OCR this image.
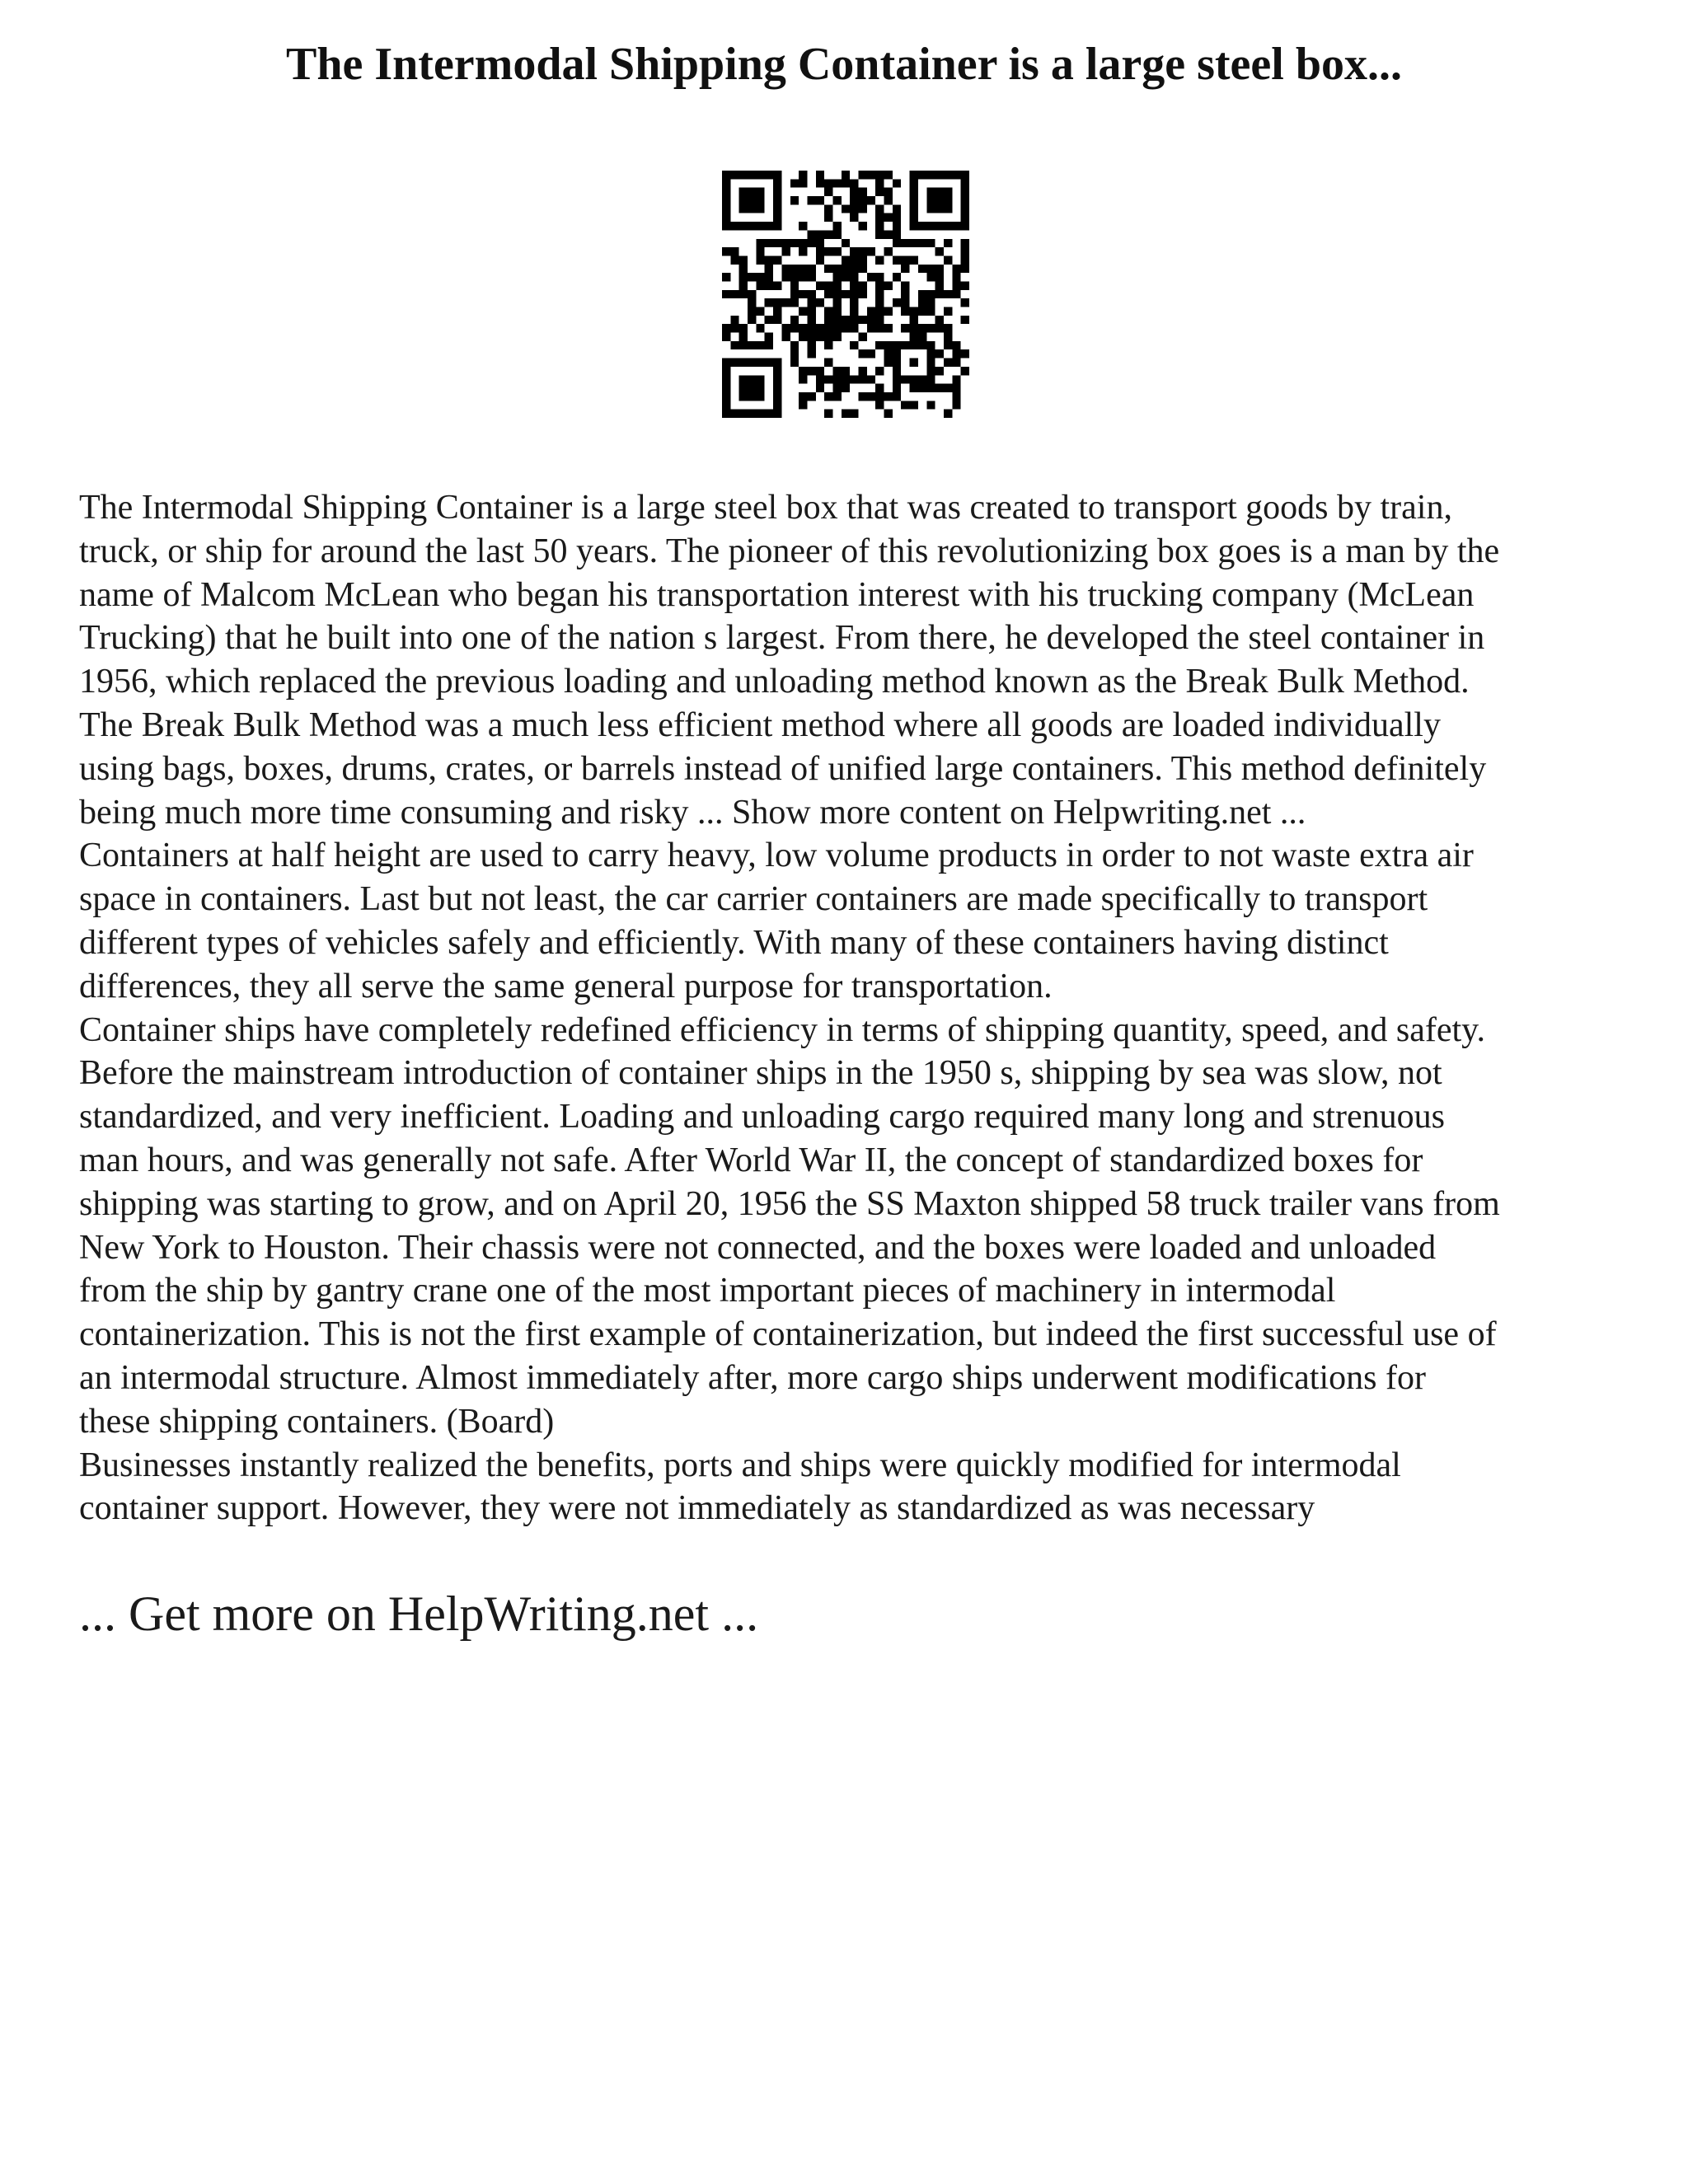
The Intermodal Shipping Container is a large steel box...

The Intermodal Shipping Container is a large steel box that was created to transport goods by train,
truck, or ship for around the last 50 years. The pioneer of this revolutionizing box goes is a man by the
name of Malcom McLean who began his transportation interest with his trucking company (McLean
Trucking) that he built into one of the nation s largest. From there, he developed the steel container in
1956, which replaced the previous loading and unloading method known as the Break Bulk Method.
The Break Bulk Method was a much less efficient method where all goods are loaded individually
using bags, boxes, drums, crates, or barrels instead of unified large containers. This method definitely
being much more time consuming and risky ... Show more content on Helpwriting.net ...

Containers at half height are used to carry heavy, low volume products in order to not waste extra air
space in containers. Last but not least, the car carrier containers are made specifically to transport
different types of vehicles safely and efficiently. With many of these containers having distinct
differences, they all serve the same general purpose for transportation.

Container ships have completely redefined efficiency in terms of shipping quantity, speed, and safety.
Before the mainstream introduction of container ships in the 1950 s, shipping by sea was slow, not
standardized, and very inefficient. Loading and unloading cargo required many long and strenuous
man hours, and was generally not safe. After World War II, the concept of standardized boxes for
shipping was starting to grow, and on April 20, 1956 the SS Maxton shipped 58 truck trailer vans from
New York to Houston. Their chassis were not connected, and the boxes were loaded and unloaded
from the ship by gantry crane one of the most important pieces of machinery in intermodal
containerization. This is not the first example of containerization, but indeed the first successful use of
an intermodal structure. Almost immediately after, more cargo ships underwent modifications for
these shipping containers. (Board)

Businesses instantly realized the benefits, ports and ships were quickly modified for intermodal
container support. However, they were not immediately as standardized as was necessary

... Get more on HelpWriting.net ...
